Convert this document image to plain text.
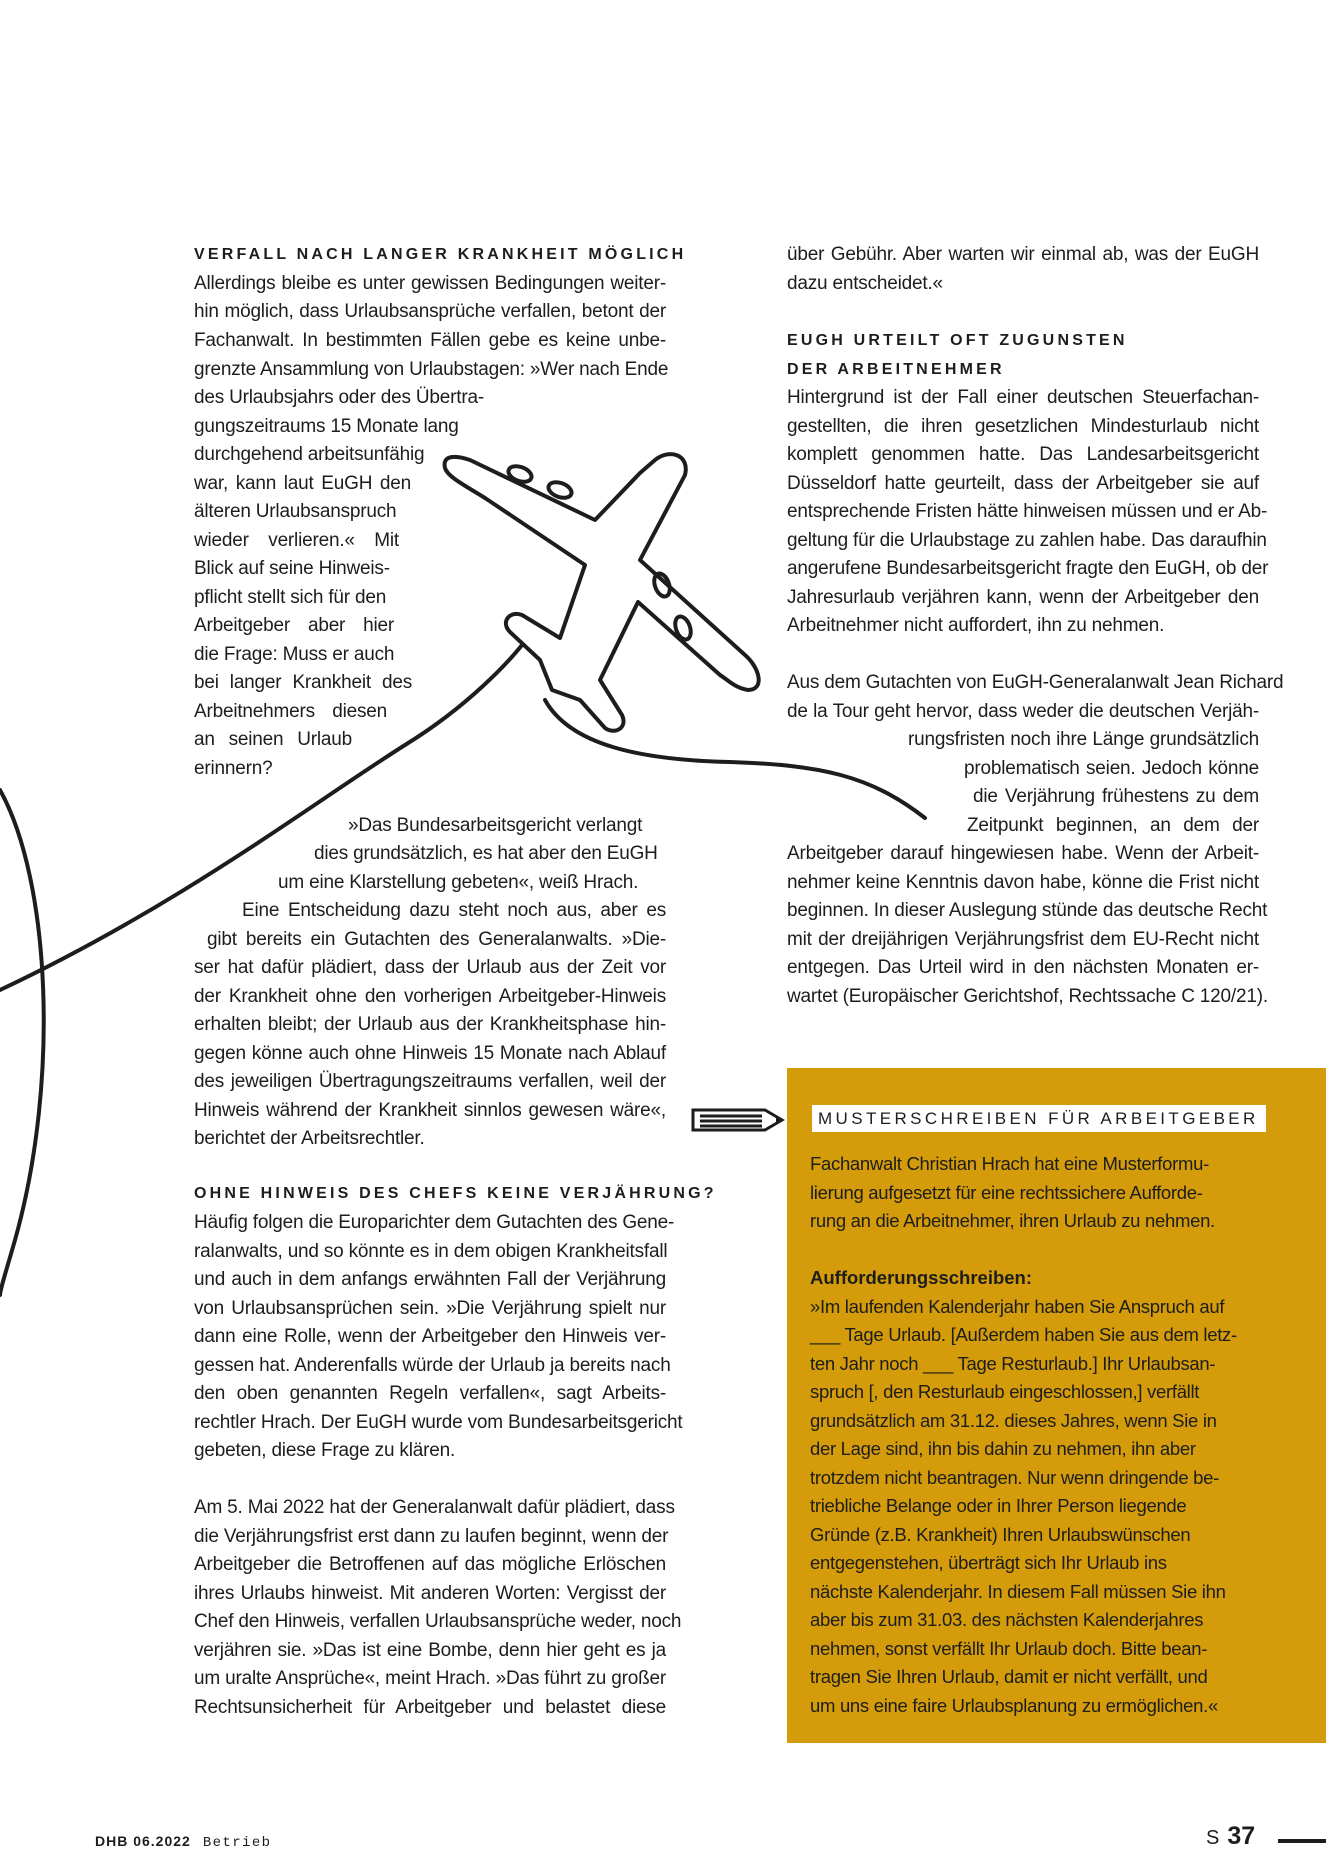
VERFALL NACH LANGER KRANKHEIT MÖGLICH
Allerdings bleibe es unter gewissen Bedingungen weiter-
hin möglich, dass Urlaubsansprüche verfallen, betont der
Fachanwalt. In bestimmten Fällen gebe es keine unbe-
grenzte Ansammlung von Urlaubstagen: »Wer nach Ende
des Urlaubsjahrs oder des Übertra-
gungszeitraums 15 Monate lang
durchgehend arbeitsunfähig
war, kann laut EuGH den
älteren Urlaubsanspruch
wieder verlieren.« Mit
Blick auf seine Hinweis-
pflicht stellt sich für den
Arbeitgeber aber hier
die Frage: Muss er auch
bei langer Krankheit des
Arbeitnehmers diesen
an seinen Urlaub
erinnern?
»Das Bundesarbeitsgericht verlangt
dies grundsätzlich, es hat aber den EuGH
um eine Klarstellung gebeten«, weiß Hrach.
Eine Entscheidung dazu steht noch aus, aber es
gibt bereits ein Gutachten des Generalanwalts. »Die-
ser hat dafür plädiert, dass der Urlaub aus der Zeit vor
der Krankheit ohne den vorherigen Arbeitgeber-Hinweis
erhalten bleibt; der Urlaub aus der Krankheitsphase hin-
gegen könne auch ohne Hinweis 15 Monate nach Ablauf
des jeweiligen Übertragungszeitraums verfallen, weil der
Hinweis während der Krankheit sinnlos gewesen wäre«,
berichtet der Arbeitsrechtler.
OHNE HINWEIS DES CHEFS KEINE VERJÄHRUNG?
Häufig folgen die Europarichter dem Gutachten des Gene-
ralanwalts, und so könnte es in dem obigen Krankheitsfall
und auch in dem anfangs erwähnten Fall der Verjährung
von Urlaubsansprüchen sein. »Die Verjährung spielt nur
dann eine Rolle, wenn der Arbeitgeber den Hinweis ver-
gessen hat. Anderenfalls würde der Urlaub ja bereits nach
den oben genannten Regeln verfallen«, sagt Arbeits-
rechtler Hrach. Der EuGH wurde vom Bundesarbeitsgericht
gebeten, diese Frage zu klären.
Am 5. Mai 2022 hat der Generalanwalt dafür plädiert, dass
die Verjährungsfrist erst dann zu laufen beginnt, wenn der
Arbeitgeber die Betroffenen auf das mögliche Erlöschen
ihres Urlaubs hinweist. Mit anderen Worten: Vergisst der
Chef den Hinweis, verfallen Urlaubsansprüche weder, noch
verjähren sie. »Das ist eine Bombe, denn hier geht es ja
um uralte Ansprüche«, meint Hrach. »Das führt zu großer
Rechtsunsicherheit für Arbeitgeber und belastet diese
über Gebühr. Aber warten wir einmal ab, was der EuGH
dazu entscheidet.«
EUGH URTEILT OFT ZUGUNSTEN
DER ARBEITNEHMER
Hintergrund ist der Fall einer deutschen Steuerfachan-
gestellten, die ihren gesetzlichen Mindesturlaub nicht
komplett genommen hatte. Das Landesarbeitsgericht
Düsseldorf hatte geurteilt, dass der Arbeitgeber sie auf
entsprechende Fristen hätte hinweisen müssen und er Ab-
geltung für die Urlaubstage zu zahlen habe. Das daraufhin
angerufene Bundesarbeitsgericht fragte den EuGH, ob der
Jahresurlaub verjähren kann, wenn der Arbeitgeber den
Arbeitnehmer nicht auffordert, ihn zu nehmen.
Aus dem Gutachten von EuGH-Generalanwalt Jean Richard
de la Tour geht hervor, dass weder die deutschen Verjäh-
rungsfristen noch ihre Länge grundsätzlich
problematisch seien. Jedoch könne
die Verjährung frühestens zu dem
Zeitpunkt beginnen, an dem der
Arbeitgeber darauf hingewiesen habe. Wenn der Arbeit-
nehmer keine Kenntnis davon habe, könne die Frist nicht
beginnen. In dieser Auslegung stünde das deutsche Recht
mit der dreijährigen Verjährungsfrist dem EU-Recht nicht
entgegen. Das Urteil wird in den nächsten Monaten er-
wartet (Europäischer Gerichtshof, Rechtssache C 120/21).
MUSTERSCHREIBEN FÜR ARBEITGEBER
Fachanwalt Christian Hrach hat eine Musterformu-
lierung aufgesetzt für eine rechtssichere Aufforde-
rung an die Arbeitnehmer, ihren Urlaub zu nehmen.
Aufforderungsschreiben:
»Im laufenden Kalenderjahr haben Sie Anspruch auf
___ Tage Urlaub. [Außerdem haben Sie aus dem letz-
ten Jahr noch ___ Tage Resturlaub.] Ihr Urlaubsan-
spruch [, den Resturlaub eingeschlossen,] verfällt
grundsätzlich am 31.12. dieses Jahres, wenn Sie in
der Lage sind, ihn bis dahin zu nehmen, ihn aber
trotzdem nicht beantragen. Nur wenn dringende be-
triebliche Belange oder in Ihrer Person liegende
Gründe (z.B. Krankheit) Ihren Urlaubswünschen
entgegenstehen, überträgt sich Ihr Urlaub ins
nächste Kalenderjahr. In diesem Fall müssen Sie ihn
aber bis zum 31.03. des nächsten Kalenderjahres
nehmen, sonst verfällt Ihr Urlaub doch. Bitte bean-
tragen Sie Ihren Urlaub, damit er nicht verfällt, und
um uns eine faire Urlaubsplanung zu ermöglichen.«
DHB 06.2022 Betrieb	S 37
